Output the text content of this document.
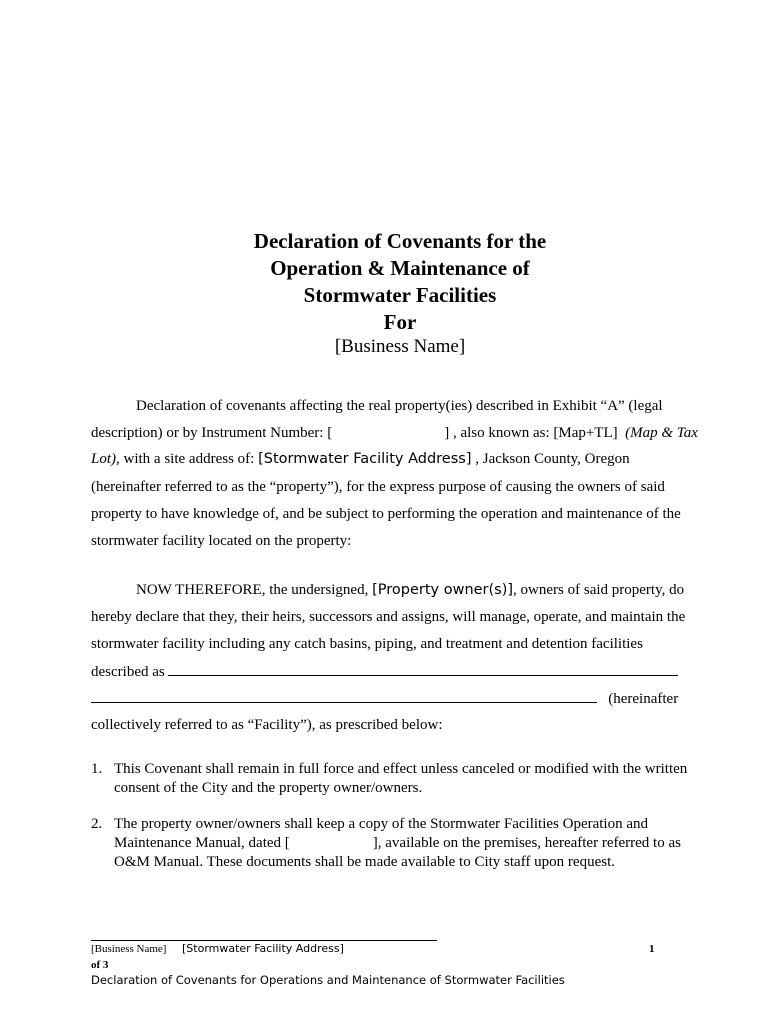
Declaration of Covenants for the
Operation & Maintenance of
Stormwater Facilities
For
[Business Name]
Declaration of covenants affecting the real property(ies) described in Exhibit “A” (legal
description) or by Instrument Number: [	] , also known as: [Map+TL] (Map & Tax
Lot), with a site address of: [Stormwater Facility Address] , Jackson County, Oregon
(hereinafter referred to as the “property”), for the express purpose of causing the owners of said
property to have knowledge of, and be subject to performing the operation and maintenance of the
stormwater facility located on the property:
NOW THEREFORE, the undersigned, [Property owner(s)], owners of said property, do
hereby declare that they, their heirs, successors and assigns, will manage, operate, and maintain the
stormwater facility including any catch basins, piping, and treatment and detention facilities
described as
(hereinafter
collectively referred to as “Facility”), as prescribed below:
1. This Covenant shall remain in full force and effect unless canceled or modified with the written
consent of the City and the property owner/owners.
2. The property owner/owners shall keep a copy of the Stormwater Facilities Operation and
Maintenance Manual, dated [	], available on the premises, hereafter referred to as
O&M Manual. These documents shall be made available to City staff upon request.
[Business Name] [Stormwater Facility Address]	1
of 3
Declaration of Covenants for Operations and Maintenance of Stormwater Facilities
